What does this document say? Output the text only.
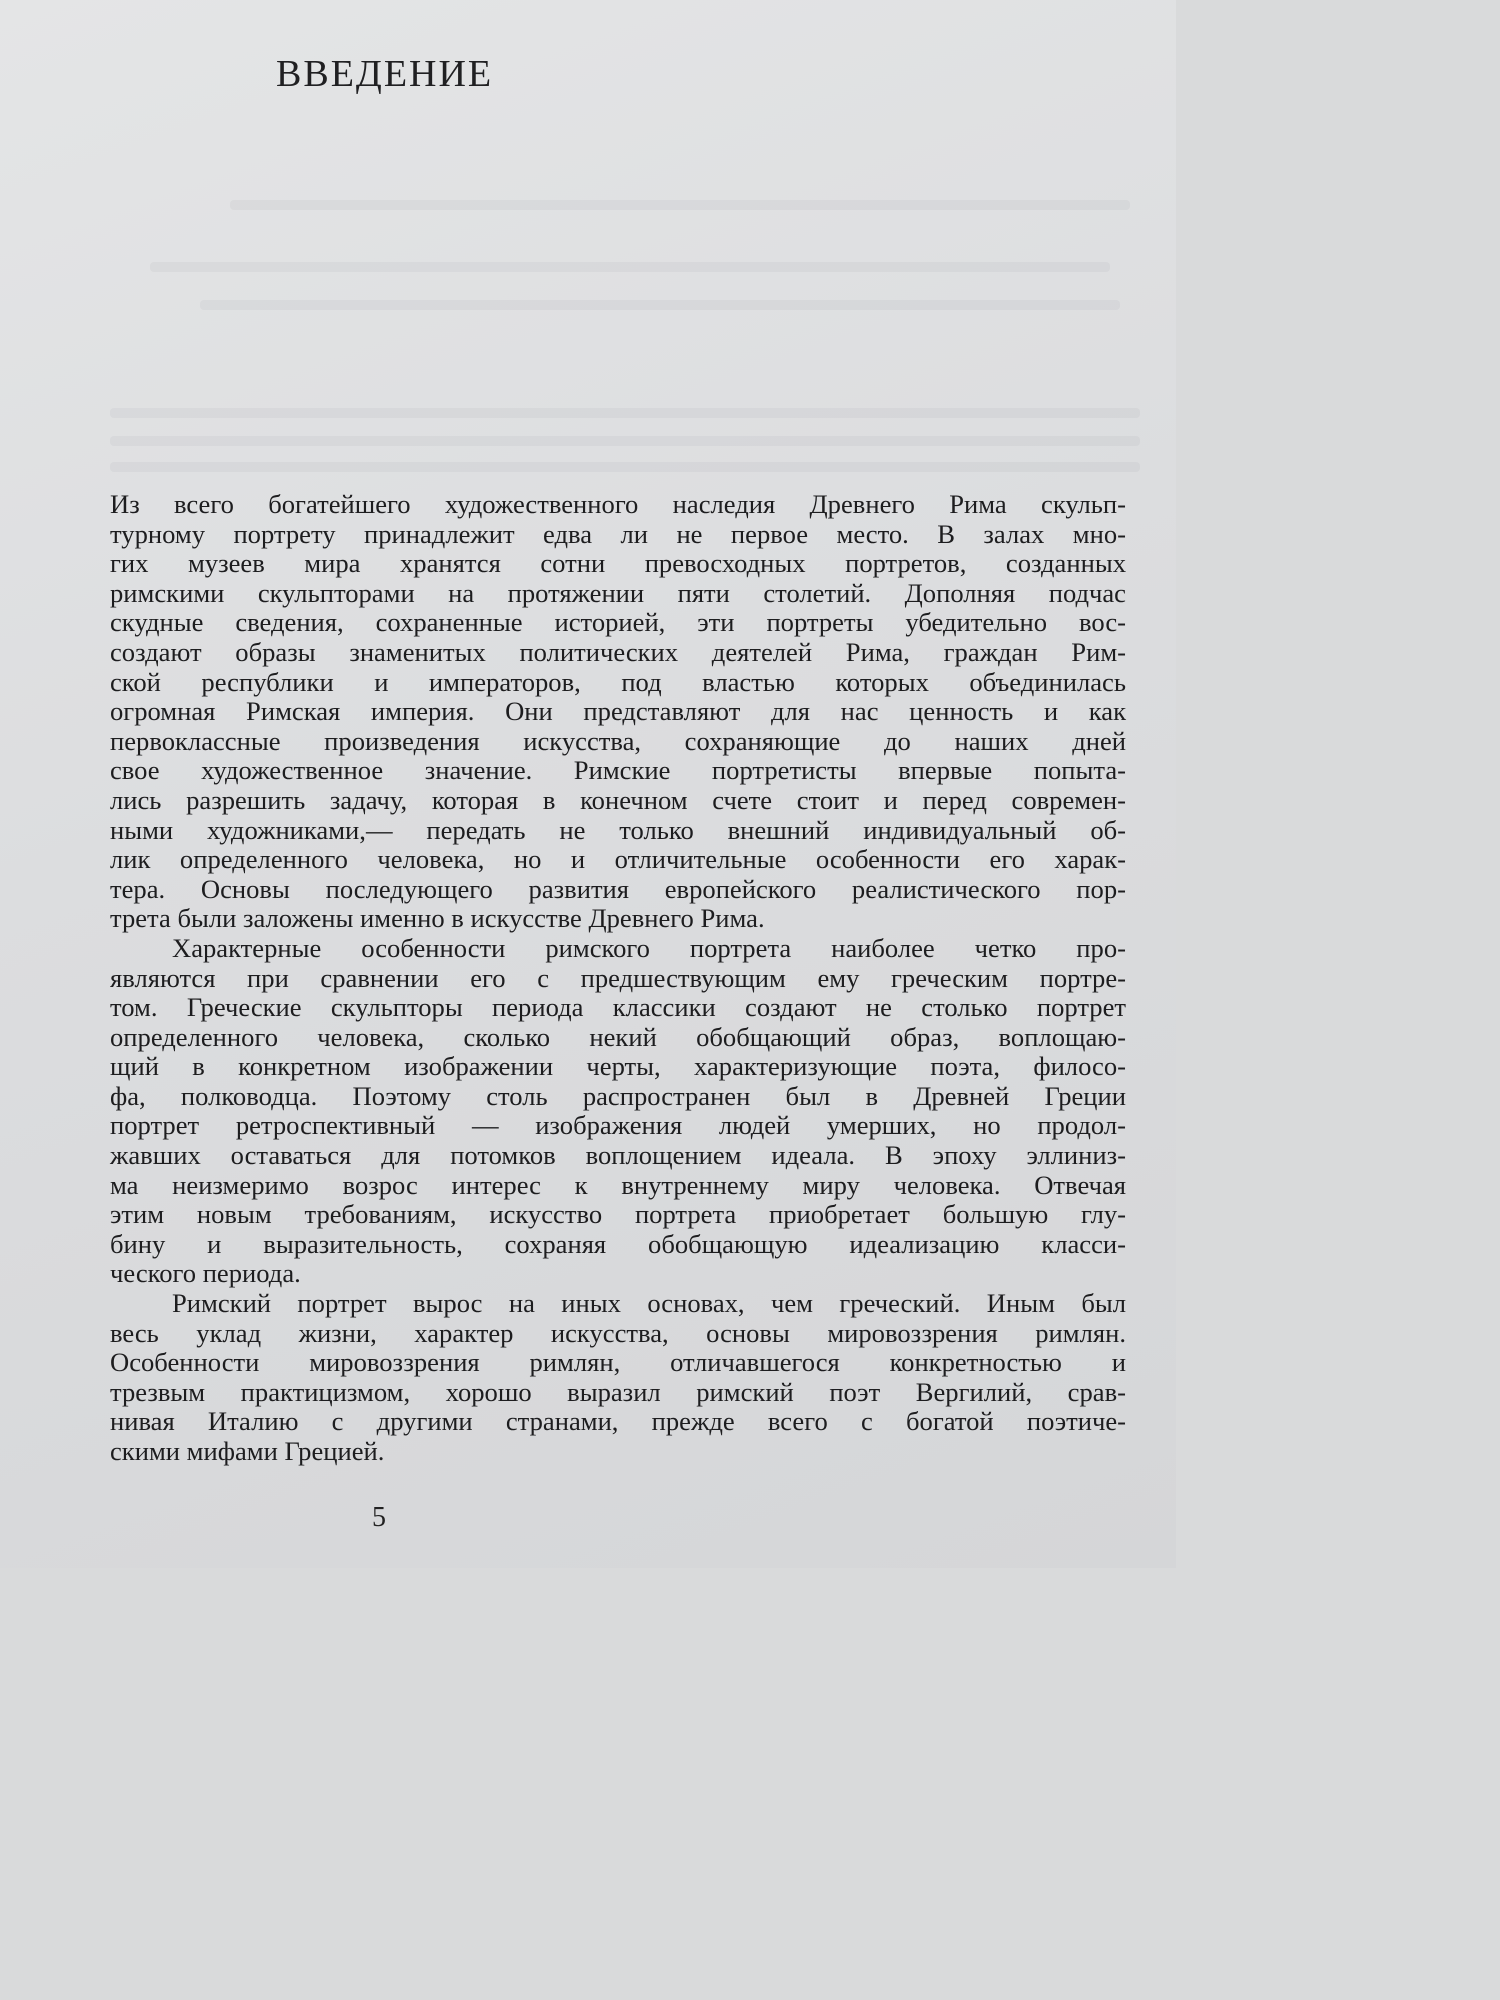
ВВЕДЕНИЕ

Из всего богатейшего художественного наследия Древнего Рима скульп-
турному портрету принадлежит едва ли не первое место. В залах мно-
гих музеев мира хранятся сотни превосходных портретов, созданных
римскими скульпторами на протяжении пяти столетий. Дополняя подчас
скудные сведения, сохраненные историей, эти портреты убедительно вос-
создают образы знаменитых политических деятелей Рима, граждан Рим-
ской республики и императоров, под властью которых объединилась
огромная Римская империя. Они представляют для нас ценность и как
первоклассные произведения искусства, сохраняющие до наших дней
свое художественное значение. Римские портретисты впервые попыта-
лись разрешить задачу, которая в конечном счете стоит и перед современ-
ными художниками,— передать не только внешний индивидуальный об-
лик определенного человека, но и отличительные особенности его харак-
тера. Основы последующего развития европейского реалистического пор-
трета были заложены именно в искусстве Древнего Рима.

Характерные особенности римского портрета наиболее четко про-
являются при сравнении его с предшествующим ему греческим портре-
том. Греческие скульпторы периода классики создают не столько портрет
определенного человека, сколько некий обобщающий образ, воплощаю-
щий в конкретном изображении черты, характеризующие поэта, филосо-
фа, полководца. Поэтому столь распространен был в Древней Греции
портрет ретроспективный — изображения людей умерших, но продол-
жавших оставаться для потомков воплощением идеала. В эпоху эллиниз-
ма неизмеримо возрос интерес к внутреннему миру человека. Отвечая
этим новым требованиям, искусство портрета приобретает большую глу-
бину и выразительность, сохраняя обобщающую идеализацию класси-
ческого периода.

Римский портрет вырос на иных основах, чем греческий. Иным был
весь уклад жизни, характер искусства, основы мировоззрения римлян.
Особенности мировоззрения римлян, отличавшегося конкретностью и
трезвым практицизмом, хорошо выразил римский поэт Вергилий, срав-
нивая Италию с другими странами, прежде всего с богатой поэтиче-
скими мифами Грецией.

5
